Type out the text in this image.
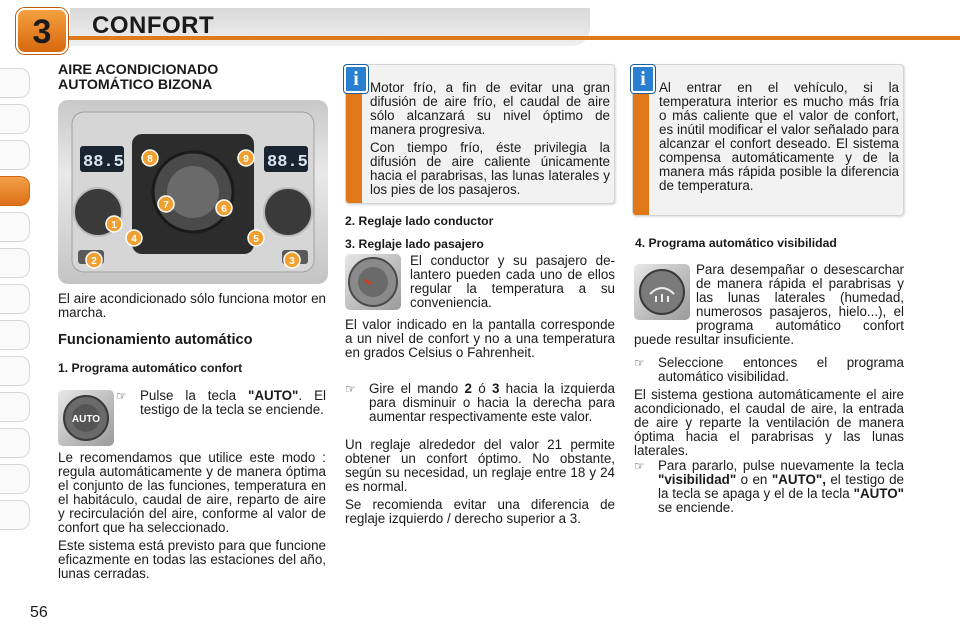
3	CONFORT
AIRE ACONDICIONADO
AUTOMÁTICO BIZONA
88.5	88.5
1
2	3
4	5
6
7
8	9
El aire acondicionado sólo funciona motor en marcha.
Funcionamiento automático
1. Programa automático confort
AUTO
☞ Pulse la tecla "AUTO". El testigo de la tecla se enciende.

Le recomendamos que utilice este modo : regula automáticamente y de manera óptima el conjunto de las funciones, temperatura en el habitáculo, caudal de aire, reparto de aire y recirculación del aire, conforme al valor de confort que ha seleccionado.

Este sistema está previsto para que funcione eficazmente en todas las estaciones del año, lunas cerradas.

i Motor frío, a fin de evitar una gran difusión de aire frío, el caudal de aire sólo alcanzará su nivel óptimo de manera progresiva.

Con tiempo frío, éste privilegia la difusión de aire caliente únicamente hacia el parabrisas, las lunas laterales y los pies de los pasajeros.

i Al entrar en el vehículo, si la temperatura interior es mucho más fría o más caliente que el valor de confort, es inútil modificar el valor señalado para alcanzar el confort deseado. El sistema compensa automáticamente y de la manera más rápida posible la diferencia de temperatura.

2. Reglaje lado conductor
3. Reglaje lado pasajero
El conductor y su pasajero de-lantero pueden cada uno de ellos regular la temperatura a su conveniencia.
El valor indicado en la pantalla corresponde a un nivel de confort y no a una temperatura en grados Celsius o Fahrenheit.
☞ Gire el mando 2 ó 3 hacia la izquierda para disminuir o hacia la derecha para aumentar respectivamente este valor.

Un reglaje alrededor del valor 21 permite obtener un confort óptimo. No obstante, según su necesidad, un reglaje entre 18 y 24 es normal.

Se recomienda evitar una diferencia de reglaje izquierdo / derecho superior a 3.

4. Programa automático visibilidad

Para desempañar o desescarchar de manera rápida el parabrisas y las lunas laterales (humedad, numerosos pasajeros, hielo...), el programa automático confort puede resultar insuficiente.

☞ Seleccione entonces el programa automático visibilidad.
El sistema gestiona automáticamente el aire acondicionado, el caudal de aire, la entrada de aire y reparte la ventilación de manera óptima hacia el parabrisas y las lunas laterales.
☞ Para pararlo, pulse nuevamente la tecla "visibilidad" o en "AUTO", el testigo de la tecla se apaga y el de la tecla "AUTO" se enciende.
56
